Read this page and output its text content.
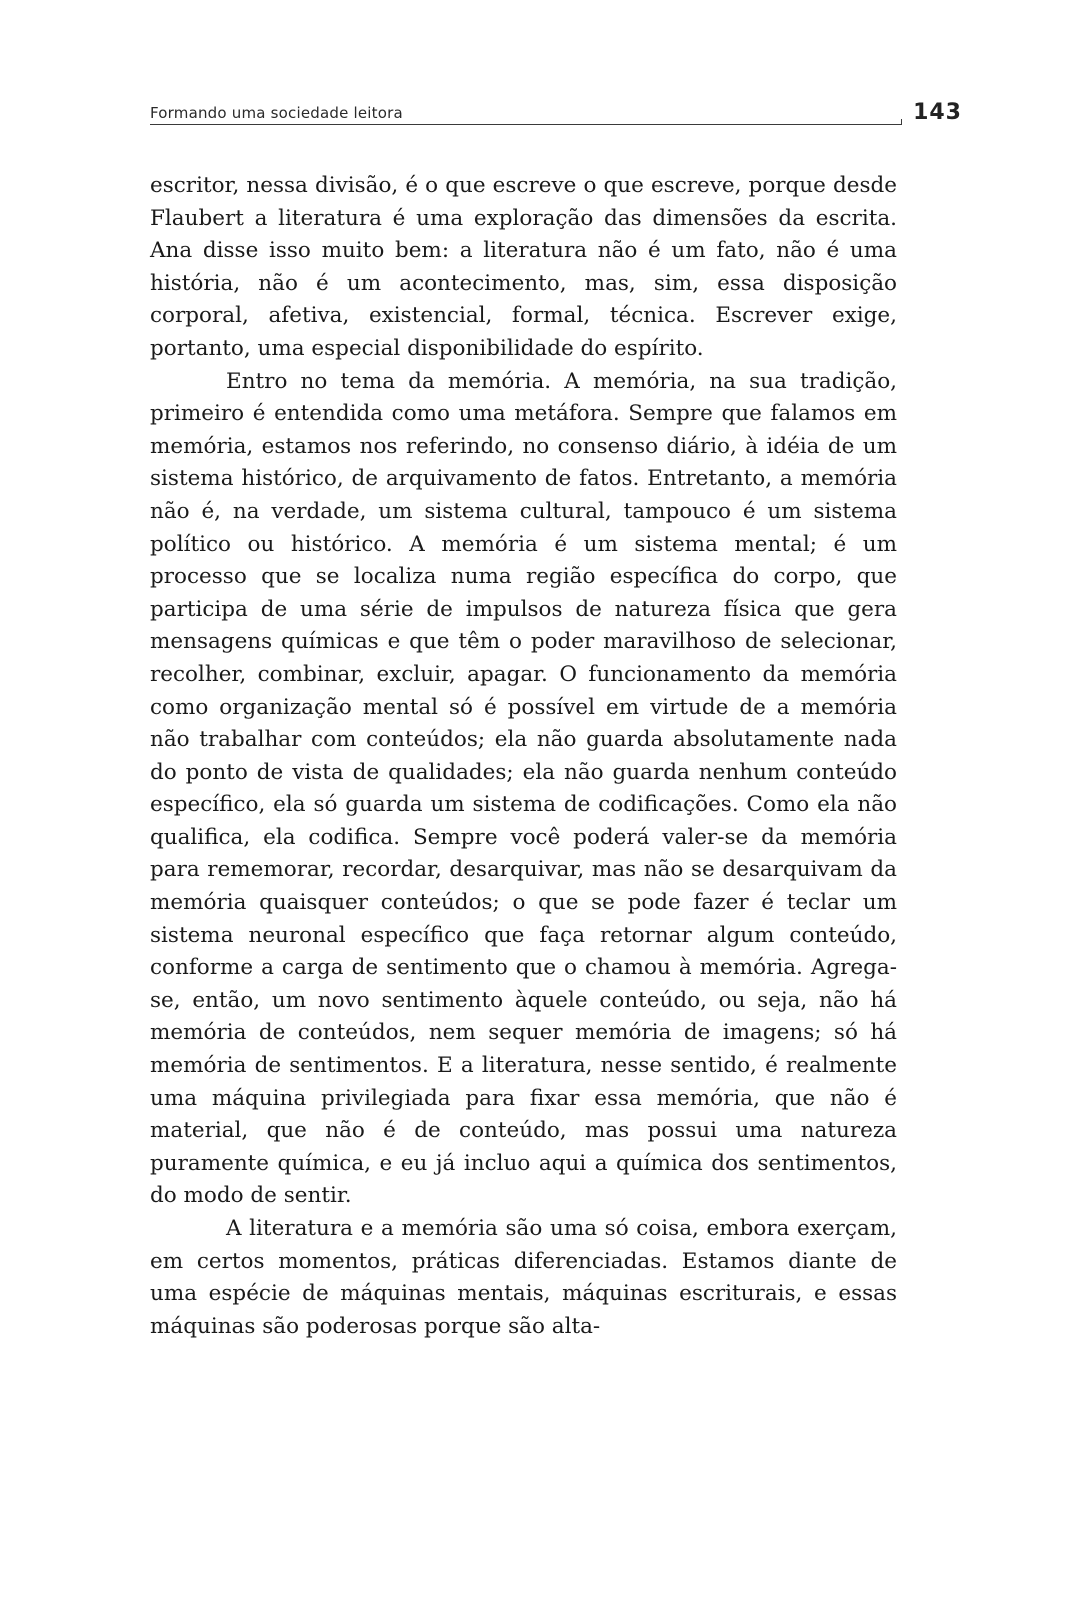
Formando uma sociedade leitora	143

escritor, nessa divisão, é o que escreve o que escreve, porque desde Flaubert a literatura é uma exploração das dimensões da escrita. Ana disse isso muito bem: a literatura não é um fato, não é uma história, não é um acontecimento, mas, sim, essa disposição corporal, afetiva, existencial, formal, técnica. Escrever exige, portanto, uma especial disponibilidade do espírito.

Entro no tema da memória. A memória, na sua tradição, primeiro é entendida como uma metáfora. Sempre que falamos em memória, estamos nos referindo, no consenso diário, à idéia de um sistema histórico, de arquivamento de fatos. Entretanto, a memória não é, na verdade, um sistema cultural, tampouco é um sistema político ou histórico. A memória é um sistema mental; é um processo que se localiza numa região específica do corpo, que participa de uma série de impulsos de natureza física que gera mensagens químicas e que têm o poder maravilhoso de selecionar, recolher, combinar, excluir, apagar. O funcionamento da memória como organização mental só é possível em virtude de a memória não trabalhar com conteúdos; ela não guarda absolutamente nada do ponto de vista de qualidades; ela não guarda nenhum conteúdo específico, ela só guarda um sistema de codificações. Como ela não qualifica, ela codifica. Sempre você poderá valer-se da memória para rememorar, recordar, desarquivar, mas não se desarquivam da memória quaisquer conteúdos; o que se pode fazer é teclar um sistema neuronal específico que faça retornar algum conteúdo, conforme a carga de sentimento que o chamou à memória. Agrega-se, então, um novo sentimento àquele conteúdo, ou seja, não há memória de conteúdos, nem sequer memória de imagens; só há memória de sentimentos. E a literatura, nesse sentido, é realmente uma máquina privilegiada para fixar essa memória, que não é material, que não é de conteúdo, mas possui uma natureza puramente química, e eu já incluo aqui a química dos sentimentos, do modo de sentir.

A literatura e a memória são uma só coisa, embora exerçam, em certos momentos, práticas diferenciadas. Estamos diante de uma espécie de máquinas mentais, máquinas escriturais, e essas máquinas são poderosas porque são alta-
